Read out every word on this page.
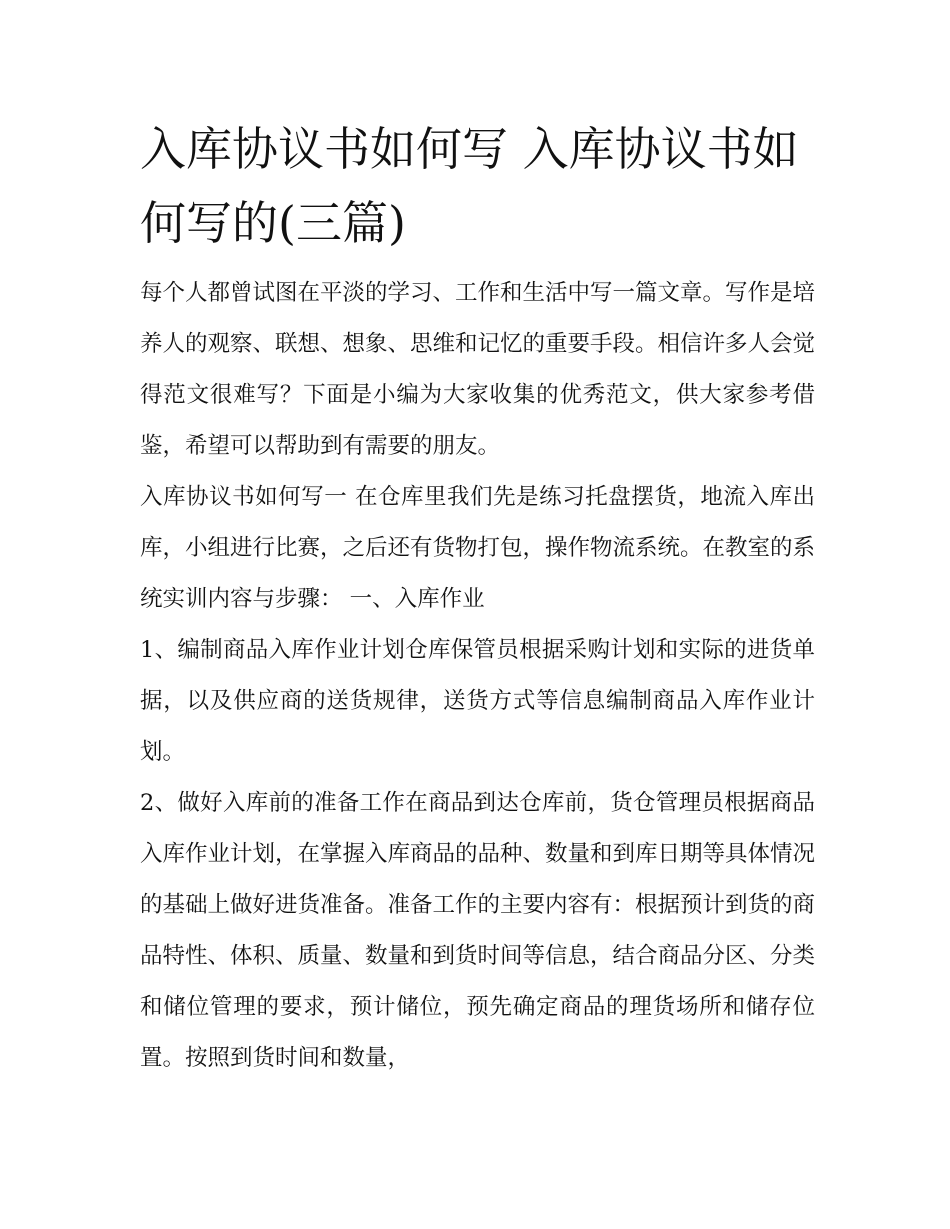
入库协议书如何写 入库协议书如何写的(三篇)

每个人都曾试图在平淡的学习、工作和生活中写一篇文章。写作是培养人的观察、联想、想象、思维和记忆的重要手段。相信许多人会觉得范文很难写？下面是小编为大家收集的优秀范文，供大家参考借鉴，希望可以帮助到有需要的朋友。

入库协议书如何写一 在仓库里我们先是练习托盘摆货，地流入库出库，小组进行比赛，之后还有货物打包，操作物流系统。在教室的系统实训内容与步骤： 一、入库作业

1、编制商品入库作业计划仓库保管员根据采购计划和实际的进货单据，以及供应商的送货规律，送货方式等信息编制商品入库作业计划。

2、做好入库前的准备工作在商品到达仓库前，货仓管理员根据商品入库作业计划，在掌握入库商品的品种、数量和到库日期等具体情况的基础上做好进货准备。准备工作的主要内容有：根据预计到货的商品特性、体积、质量、数量和到货时间等信息，结合商品分区、分类和储位管理的要求，预计储位，预先确定商品的理货场所和储存位置。按照到货时间和数量，
